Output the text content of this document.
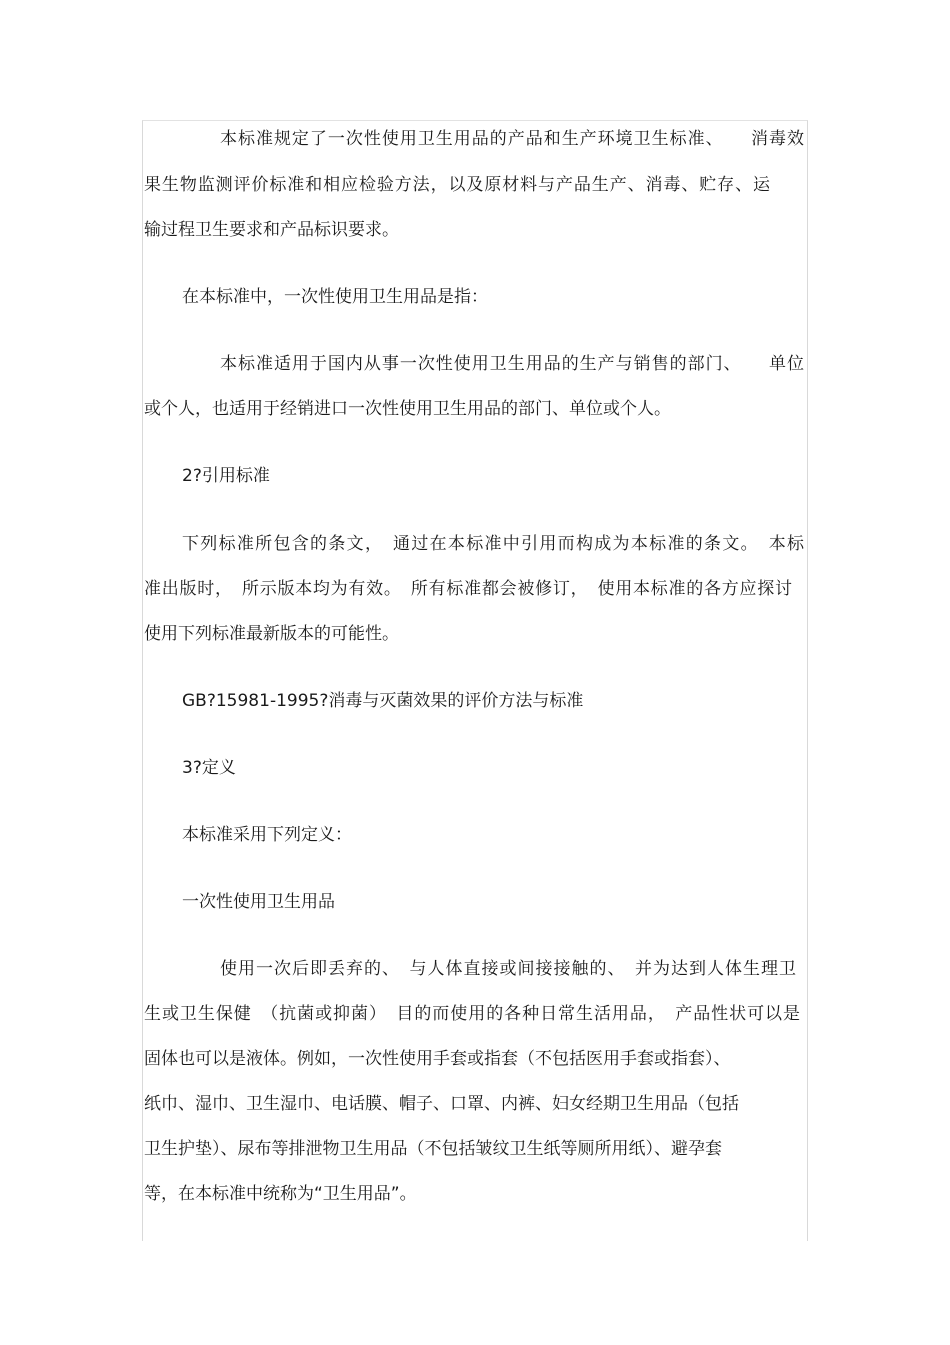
本标准规定了一次性使用卫生用品的产品和生产环境卫生标准、　　消毒效

果生物监测评价标准和相应检验方法，以及原材料与产品生产、消毒、贮存、运

输过程卫生要求和产品标识要求。

在本标准中，一次性使用卫生用品是指：

本标准适用于国内从事一次性使用卫生用品的生产与销售的部门、　　单位

或个人，也适用于经销进口一次性使用卫生用品的部门、单位或个人。

2?引用标准

下列标准所包含的条文，　通过在本标准中引用而构成为本标准的条文。　本标

准出版时，　所示版本均为有效。　所有标准都会被修订，　使用本标准的各方应探讨

使用下列标准最新版本的可能性。

GB?15981-1995?消毒与灭菌效果的评价方法与标准

3?定义

本标准采用下列定义：

一次性使用卫生用品

使用一次后即丢弃的、　与人体直接或间接接触的、　并为达到人体生理卫

生或卫生保健　（抗菌或抑菌）　目的而使用的各种日常生活用品，　产品性状可以是

固体也可以是液体。例如，一次性使用手套或指套（不包括医用手套或指套）、

纸巾、湿巾、卫生湿巾、电话膜、帽子、口罩、内裤、妇女经期卫生用品（包括

卫生护垫）、尿布等排泄物卫生用品（不包括皱纹卫生纸等厕所用纸）、避孕套

等，在本标准中统称为“卫生用品”。
